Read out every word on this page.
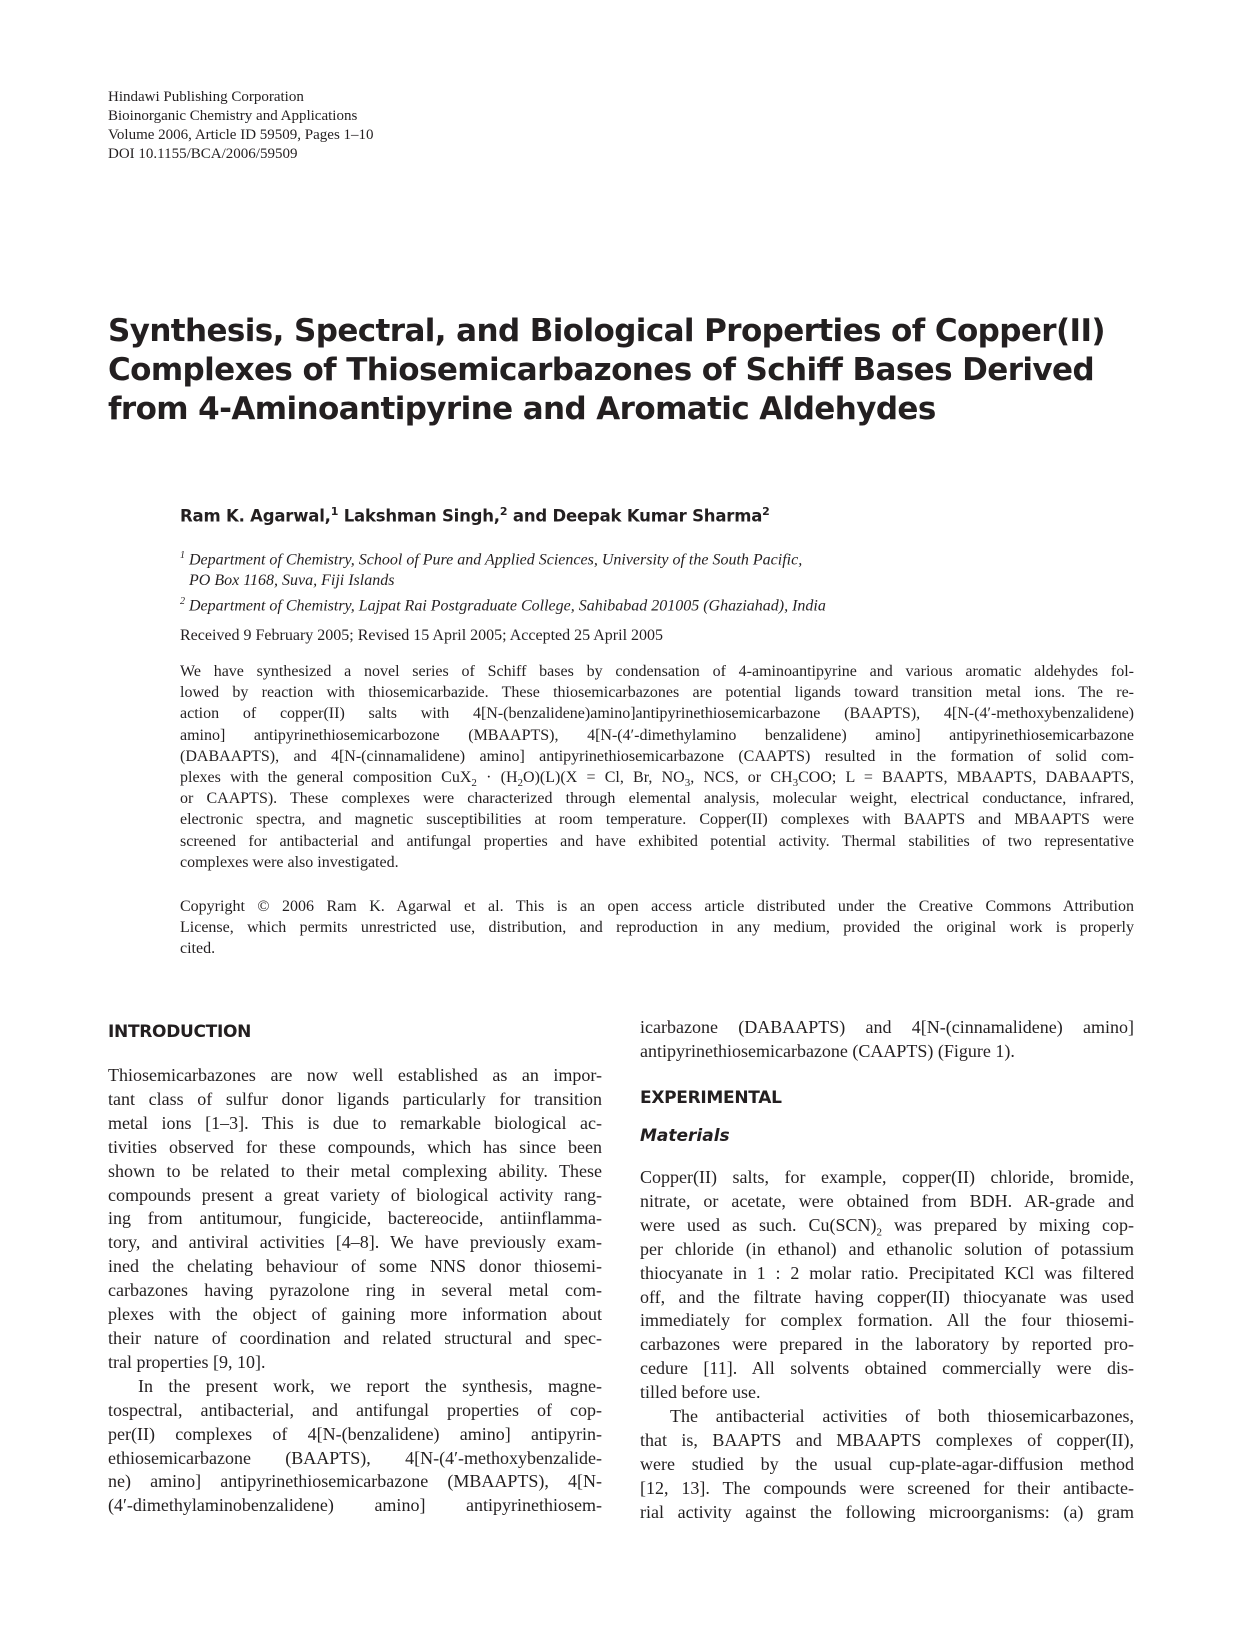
Hindawi Publishing Corporation
Bioinorganic Chemistry and Applications
Volume 2006, Article ID 59509, Pages 1–10
DOI 10.1155/BCA/2006/59509
Synthesis, Spectral, and Biological Properties of Copper(II)
Complexes of Thiosemicarbazones of Schiff Bases Derived
from 4-Aminoantipyrine and Aromatic Aldehydes
Ram K. Agarwal,$^1$ Lakshman Singh,$^2$ and Deepak Kumar Sharma$^2$
$^1$ Department of Chemistry, School of Pure and Applied Sciences, University of the South Pacific,
PO Box 1168, Suva, Fiji Islands
$^2$ Department of Chemistry, Lajpat Rai Postgraduate College, Sahibabad 201005 (Ghaziahad), India
Received 9 February 2005; Revised 15 April 2005; Accepted 25 April 2005
We have synthesized a novel series of Schiff bases by condensation of 4-aminoantipyrine and various aromatic aldehydes fol-
lowed by reaction with thiosemicarbazide. These thiosemicarbazones are potential ligands toward transition metal ions. The re-
action of copper(II) salts with 4[N-(benzalidene)amino]antipyrinethiosemicarbazone (BAAPTS), 4[N-(4′-methoxybenzalidene)
amino] antipyrinethiosemicarbozone (MBAAPTS), 4[N-(4′-dimethylamino benzalidene) amino] antipyrinethiosemicarbazone
(DABAAPTS), and 4[N-(cinnamalidene) amino] antipyrinethiosemicarbazone (CAAPTS) resulted in the formation of solid com-
plexes with the general composition $CuX_2 \cdot (H_2O)(L)(X = Cl$, Br, $NO_3$, NCS, or $CH_3COO$; L = BAAPTS, MBAAPTS, DABAAPTS,
or CAAPTS). These complexes were characterized through elemental analysis, molecular weight, electrical conductance, infrared,
electronic spectra, and magnetic susceptibilities at room temperature. Copper(II) complexes with BAAPTS and MBAAPTS were
screened for antibacterial and antifungal properties and have exhibited potential activity. Thermal stabilities of two representative
complexes were also investigated.
Copyright © 2006 Ram K. Agarwal et al. This is an open access article distributed under the Creative Commons Attribution
License, which permits unrestricted use, distribution, and reproduction in any medium, provided the original work is properly
cited.
INTRODUCTION
Thiosemicarbazones are now well established as an impor-
tant class of sulfur donor ligands particularly for transition
metal ions [1–3]. This is due to remarkable biological ac-
tivities observed for these compounds, which has since been
shown to be related to their metal complexing ability. These
compounds present a great variety of biological activity rang-
ing from antitumour, fungicide, bactereocide, antiinflamma-
tory, and antiviral activities [4–8]. We have previously exam-
ined the chelating behaviour of some NNS donor thiosemi-
carbazones having pyrazolone ring in several metal com-
plexes with the object of gaining more information about
their nature of coordination and related structural and spec-
tral properties [9, 10].
In the present work, we report the synthesis, magne-
tospectral, antibacterial, and antifungal properties of cop-
per(II) complexes of 4[N-(benzalidene) amino] antipyrin-
ethiosemicarbazone (BAAPTS), 4[N-(4′-methoxybenzalide-
ne) amino] antipyrinethiosemicarbazone (MBAAPTS), 4[N-
(4′-dimethylaminobenzalidene) amino] antipyrinethiosem-
icarbazone (DABAAPTS) and 4[N-(cinnamalidene) amino]
antipyrinethiosemicarbazone (CAAPTS) (Figure 1).
EXPERIMENTAL
Materials
Copper(II) salts, for example, copper(II) chloride, bromide,
nitrate, or acetate, were obtained from BDH. AR-grade and
were used as such. $Cu(SCN)_2$ was prepared by mixing cop-
per chloride (in ethanol) and ethanolic solution of potassium
thiocyanate in 1 : 2 molar ratio. Precipitated KCl was filtered
off, and the filtrate having copper(II) thiocyanate was used
immediately for complex formation. All the four thiosemi-
carbazones were prepared in the laboratory by reported pro-
cedure [11]. All solvents obtained commercially were dis-
tilled before use.
The antibacterial activities of both thiosemicarbazones,
that is, BAAPTS and MBAAPTS complexes of copper(II),
were studied by the usual cup-plate-agar-diffusion method
[12, 13]. The compounds were screened for their antibacte-
rial activity against the following microorganisms: (a) gram
